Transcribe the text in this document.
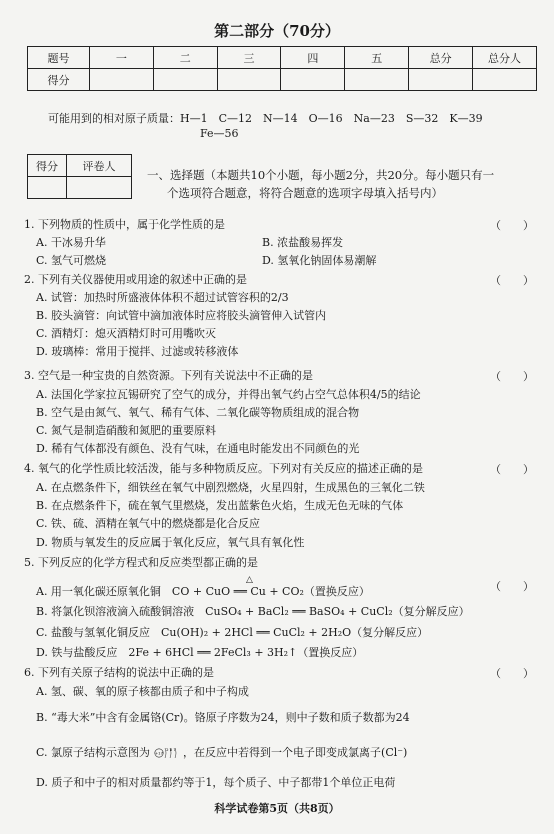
第二部分（70分）
题号	一	二	三	四	五	总分	总分人
得分							
可能用到的相对原子质量：H—1　C—12　N—14　O—16　Na—23　S—32　K—39
Fe—56
得分	评卷人

一、选择题（本题共10个小题，每小题2分，共20分。每小题只有一
个选项符合题意，将符合题意的选项字母填入括号内）
1. 下列物质的性质中，属于化学性质的是	（　　）
A. 干冰易升华	B. 浓盐酸易挥发
C. 氢气可燃烧	D. 氢氧化钠固体易潮解
2. 下列有关仪器使用或用途的叙述中正确的是	（　　）
A. 试管：加热时所盛液体体积不超过试管容积的2/3
B. 胶头滴管：向试管中滴加液体时应将胶头滴管伸入试管内
C. 酒精灯：熄灭酒精灯时可用嘴吹灭
D. 玻璃棒：常用于搅拌、过滤或转移液体
3. 空气是一种宝贵的自然资源。下列有关说法中不正确的是	（　　）
A. 法国化学家拉瓦锡研究了空气的成分，并得出氧气约占空气总体积4/5的结论
B. 空气是由氮气、氧气、稀有气体、二氧化碳等物质组成的混合物
C. 氮气是制造硝酸和氮肥的重要原料
D. 稀有气体都没有颜色、没有气味，在通电时能发出不同颜色的光
4. 氧气的化学性质比较活泼，能与多种物质反应。下列对有关反应的描述正确的是	（　　）
A. 在点燃条件下，细铁丝在氧气中剧烈燃烧，火星四射，生成黑色的三氧化二铁
B. 在点燃条件下，硫在氧气里燃烧，发出蓝紫色火焰，生成无色无味的气体
C. 铁、硫、酒精在氧气中的燃烧都是化合反应
D. 物质与氧发生的反应属于氧化反应，氧气具有氧化性
5. 下列反应的化学方程式和反应类型都正确的是
（　　）
△
A. 用一氧化碳还原氧化铜　CO + CuO ══ Cu + CO₂（置换反应）
B. 将氯化钡溶液滴入硫酸铜溶液　CuSO₄ + BaCl₂ ══ BaSO₄ + CuCl₂（复分解反应）
C. 盐酸与氢氧化铜反应　Cu(OH)₂ + 2HCl ══ CuCl₂ + 2H₂O（复分解反应）
D. 铁与盐酸反应　2Fe + 6HCl ══ 2FeCl₃ + 3H₂↑（置换反应）
6. 下列有关原子结构的说法中正确的是	（　　）
A. 氢、碳、氧的原子核都由质子和中子构成
B. “毒大米”中含有金属铬(Cr)。铬原子序数为24，则中子数和质子数都为24
C. 氯原子结构示意图为 +17
2 8 7 ，在反应中若得到一个电子即变成氯离子(Cl⁻)
D. 质子和中子的相对质量都约等于1，每个质子、中子都带1个单位正电荷
科学试卷第5页（共8页）
